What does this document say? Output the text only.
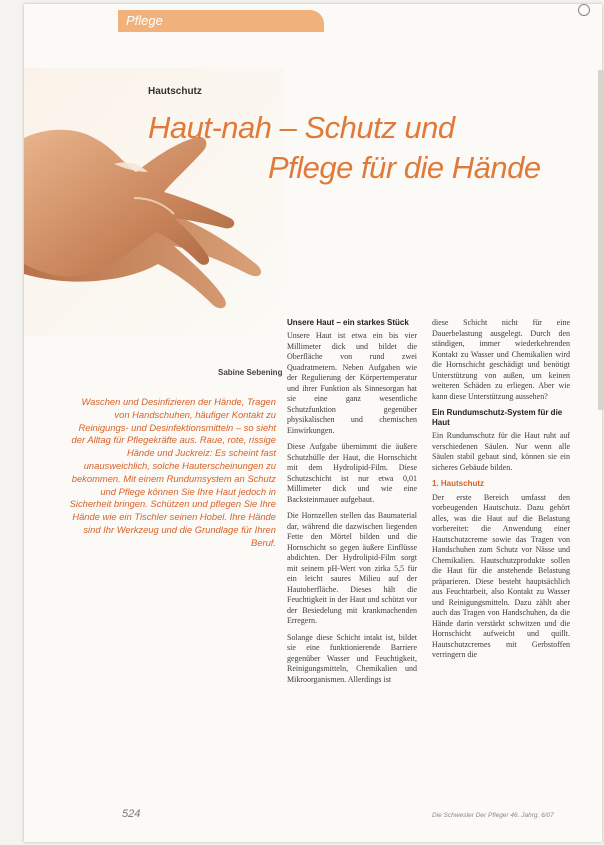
Pflege
Hautschutz
Haut-nah – Schutz und
Pflege für die Hände
Sabine Sebening
Waschen und Desinfizieren der Hände, Tragen von Handschuhen, häufiger Kontakt zu Reinigungs- und Desinfektionsmitteln – so sieht der Alltag für Pflegekräfte aus. Raue, rote, rissige Hände und Juckreiz: Es scheint fast unausweichlich, solche Hauterscheinungen zu bekommen. Mit einem Rundumsystem an Schutz und Pflege können Sie Ihre Haut jedoch in Sicherheit bringen. Schützen und pflegen Sie Ihre Hände wie ein Tischler seinen Hobel. Ihre Hände sind Ihr Werkzeug und die Grundlage für Ihren Beruf.
Unsere Haut – ein starkes Stück

Unsere Haut ist etwa ein bis vier Millimeter dick und bildet die Oberfläche von rund zwei Quadratmetern. Neben Aufgaben wie der Regulierung der Körpertemperatur und ihrer Funktion als Sinnesorgan hat sie eine ganz wesentliche Schutzfunktion gegenüber physikalischen und chemischen Einwirkungen.

Diese Aufgabe übernimmt die äußere Schutzhülle der Haut, die Hornschicht mit dem Hydrolipid-Film. Diese Schutzschicht ist nur etwa 0,01 Millimeter dick und wie eine Backsteinmauer aufgebaut.

Die Hornzellen stellen das Baumaterial dar, während die dazwischen liegenden Fette den Mörtel bilden und die Hornschicht so gegen äußere Einflüsse abdichten. Der Hydrolipid-Film sorgt mit seinem pH-Wert von zirka 5,5 für ein leicht saures Milieu auf der Hautoberfläche. Dieses hält die Feuchtigkeit in der Haut und schützt vor der Besiedelung mit krankmachenden Erregern.

Solange diese Schicht intakt ist, bildet sie eine funktionierende Barriere gegenüber Wasser und Feuchtigkeit, Reinigungsmitteln, Chemikalien und Mikroorganismen. Allerdings ist

diese Schicht nicht für eine Dauerbelastung ausgelegt. Durch den ständigen, immer wiederkehrenden Kontakt zu Wasser und Chemikalien wird die Hornschicht geschädigt und benötigt Unterstützung von außen, um keinen weiteren Schäden zu erliegen. Aber wie kann diese Unterstützung aussehen?

Ein Rundumschutz-System für die Haut

Ein Rundumschutz für die Haut ruht auf verschiedenen Säulen. Nur wenn alle Säulen stabil gebaut sind, können sie ein sicheres Gebäude bilden.

1. Hautschutz

Der erste Bereich umfasst den vorbeugenden Hautschutz. Dazu gehört alles, was die Haut auf die Belastung vorbereitet: die Anwendung einer Hautschutzcreme sowie das Tragen von Handschuhen zum Schutz vor Nässe und Chemikalien. Hautschutzprodukte sollen die Haut für die anstehende Belastung präparieren. Diese besteht hauptsächlich aus Feuchtarbeit, also Kontakt zu Wasser und Reinigungsmitteln. Dazu zählt aber auch das Tragen von Handschuhen, da die Hände darin verstärkt schwitzen und die Hornschicht aufweicht und quillt. Hautschutzcremes mit Gerbstoffen verringern die

524	Die Schwester Der Pfleger 46. Jahrg. 6/07
